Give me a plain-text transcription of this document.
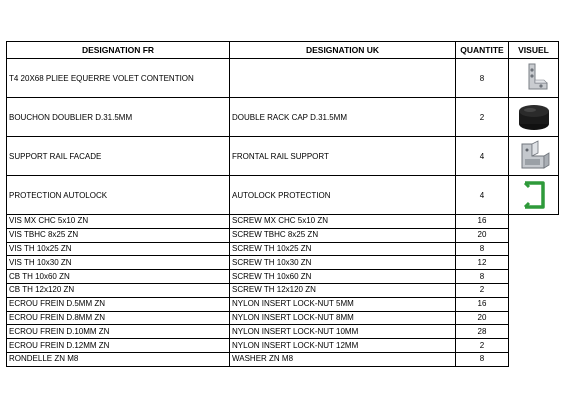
DESIGNATION FR	DESIGNATION UK	QUANTITE	VISUEL
T4 20X68 PLIEE EQUERRE VOLET CONTENTION		8	

BOUCHON DOUBLIER D.31.5MM	DOUBLE RACK CAP D.31.5MM	2	

SUPPORT RAIL FACADE	FRONTAL RAIL SUPPORT	4	

PROTECTION AUTOLOCK	AUTOLOCK PROTECTION	4	

VIS MX CHC 5x10 ZN	SCREW MX CHC 5x10 ZN	16	
VIS TBHC 8x25 ZN	SCREW TBHC 8x25 ZN	20	
VIS TH 10x25 ZN	SCREW TH 10x25 ZN	8	
VIS TH 10x30 ZN	SCREW TH 10x30 ZN	12	
CB TH 10x60 ZN	SCREW TH 10x60 ZN	8	
CB TH 12x120 ZN	SCREW TH 12x120 ZN	2	
ECROU FREIN D.5MM ZN	NYLON INSERT LOCK-NUT 5MM	16	
ECROU FREIN D.8MM ZN	NYLON INSERT LOCK-NUT 8MM	20	
ECROU FREIN D.10MM ZN	NYLON INSERT LOCK-NUT 10MM	28	
ECROU FREIN D.12MM ZN	NYLON INSERT LOCK-NUT 12MM	2	
RONDELLE ZN M8	WASHER ZN M8	8	
